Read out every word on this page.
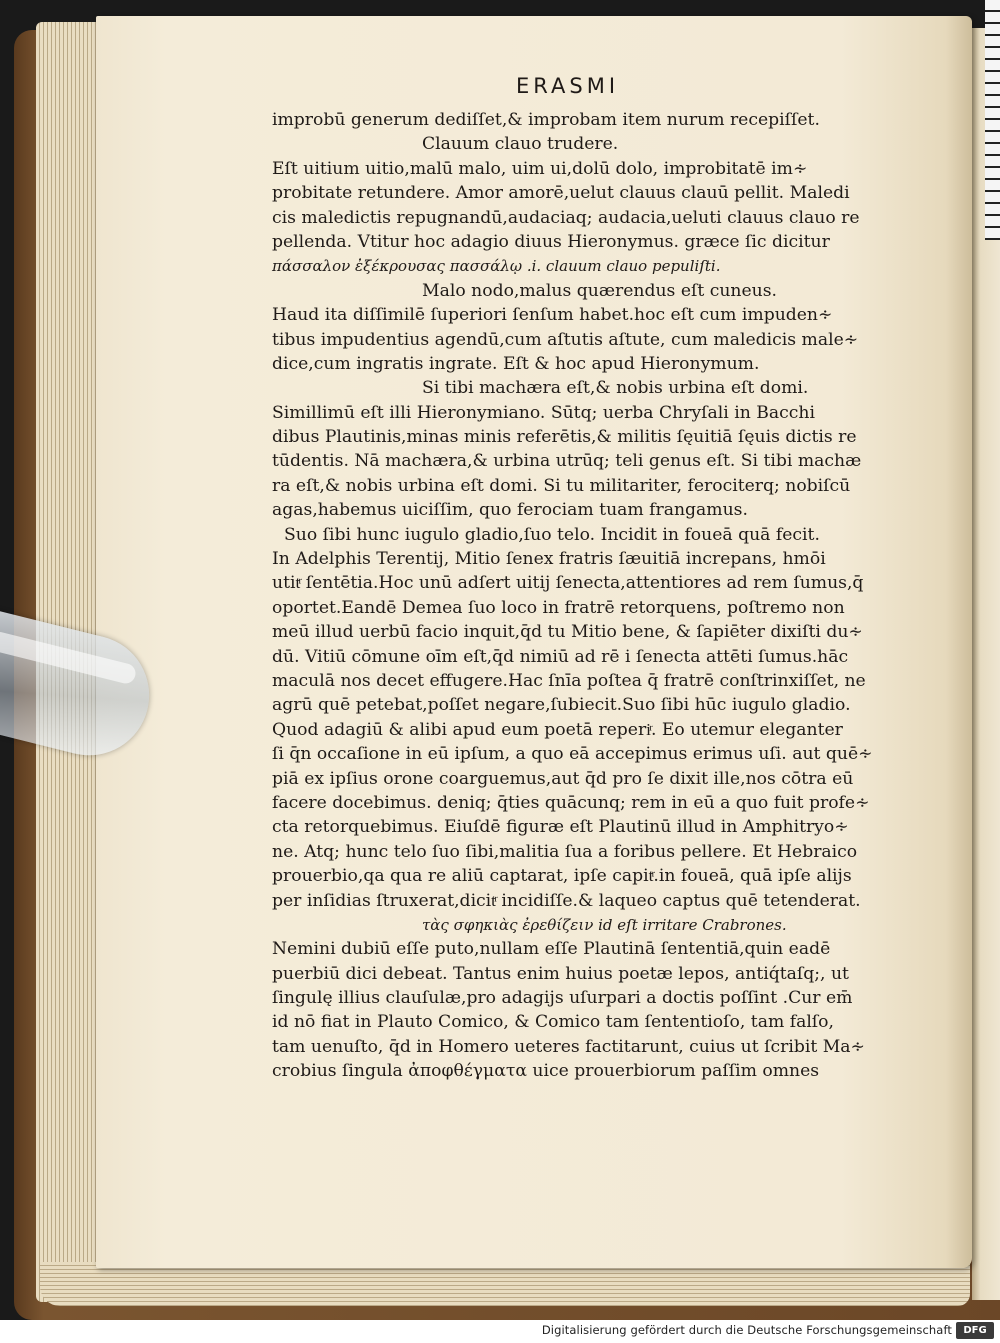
ERASMI
improbū generum dediſſet,& improbam item nurum recepiſſet.
Clauum clauo trudere.
Eſt uitium uitio,malū malo, uim ui,dolū dolo, improbitatē im∻
probitate retundere. Amor amorē,uelut clauus clauū pellit. Maledi
cis maledictis repugnandū,audaciaq; audacia,ueluti clauus clauo re
pellenda. Vtitur hoc adagio diuus Hieronymus. græce ſic dicitur
πάσσαλον ἐξέκρουσας πασσάλῳ .i. clauum clauo pepuliſti.
Malo nodo,malus quærendus eſt cuneus.
Haud ita diſſimilē ſuperiori ſenſum habet.hoc eſt cum impuden∻
tibus impudentius agendū,cum aſtutis aſtute, cum maledicis male∻
dice,cum ingratis ingrate. Eſt & hoc apud Hieronymum.
Si tibi machæra eſt,& nobis urbina eſt domi.
Simillimū eſt illi Hieronymiano. Sūtq; uerba Chryſali in Bacchi
dibus Plautinis,minas minis referētis,& militis ſęuitiā ſęuis dictis re
tūdentis. Nā machæra,& urbina utrūq; teli genus eſt. Si tibi machæ
ra eſt,& nobis urbina eſt domi. Si tu militariter, ferociterq; nobiſcū
agas,habemus uiciſſim, quo ferociam tuam frangamus.
Suo ſibi hunc iugulo gladio,ſuo telo. Incidit in foueā quā fecit.
In Adelphis Terentij, Mitio ſenex fratris ſæuitiā increpans, hmōi
utitͬ ſentētia.Hoc unū adſert uitij ſenecta,attentiores ad rem ſumus,q̄
oportet.Eandē Demea ſuo loco in fratrē retorquens, poſtremo non
meū illud uerbū facio inquit,q̄d tu Mitio bene, & ſapiēter dixiſti du∻
dū. Vitiū cōmune oīm eſt,q̄d nimiū ad rē i ſenecta attēti ſumus.hāc
maculā nos decet effugere.Hac ſnīa poſtea q̄ fratrē conſtrinxiſſet, ne
agrū quē petebat,poſſet negare,ſubiecit.Suo ſibi hūc iugulo gladio.
Quod adagiū & alibi apud eum poetā reperiͬ. Eo utemur eleganter
ſi q̄n occaſione in eū ipſum, a quo eā accepimus erimus uſi. aut quē∻
piā ex ipſius orone coarguemus,aut q̄d pro ſe dixit ille,nos cōtra eū
facere docebimus. deniq; q̄ties quācunq; rem in eū a quo fuit profe∻
cta retorquebimus. Eiuſdē figuræ eſt Plautinū illud in Amphitryo∻
ne. Atq; hunc telo ſuo ſibi,malitia ſua a foribus pellere. Et Hebraico
prouerbio,qa qua re aliū captarat, ipſe capitͬ.in foueā, quā ipſe alijs
per inſidias ſtruxerat,dicitͬ incidiſſe.& laqueo captus quē tetenderat.
τὰς σφηκιὰς ἐρεθίζειν id eſt irritare Crabrones.
Nemini dubiū eſſe puto,nullam eſſe Plautinā ſententiā,quin eadē
puerbiū dici debeat. Tantus enim huius poetæ lepos, antiq́taſq;, ut
ſingulę illius clauſulæ,pro adagijs uſurpari a doctis poſſint .Cur em̄
id nō fiat in Plauto Comico, & Comico tam ſententioſo, tam falſo,
tam uenuſto, q̄d in Homero ueteres factitarunt, cuius ut ſcribit Ma∻
crobius ſingula ἀποφθέγματα uice prouerbiorum paſſim omnes
Digitalisierung gefördert durch die Deutsche Forschungsgemeinschaft	DFG
